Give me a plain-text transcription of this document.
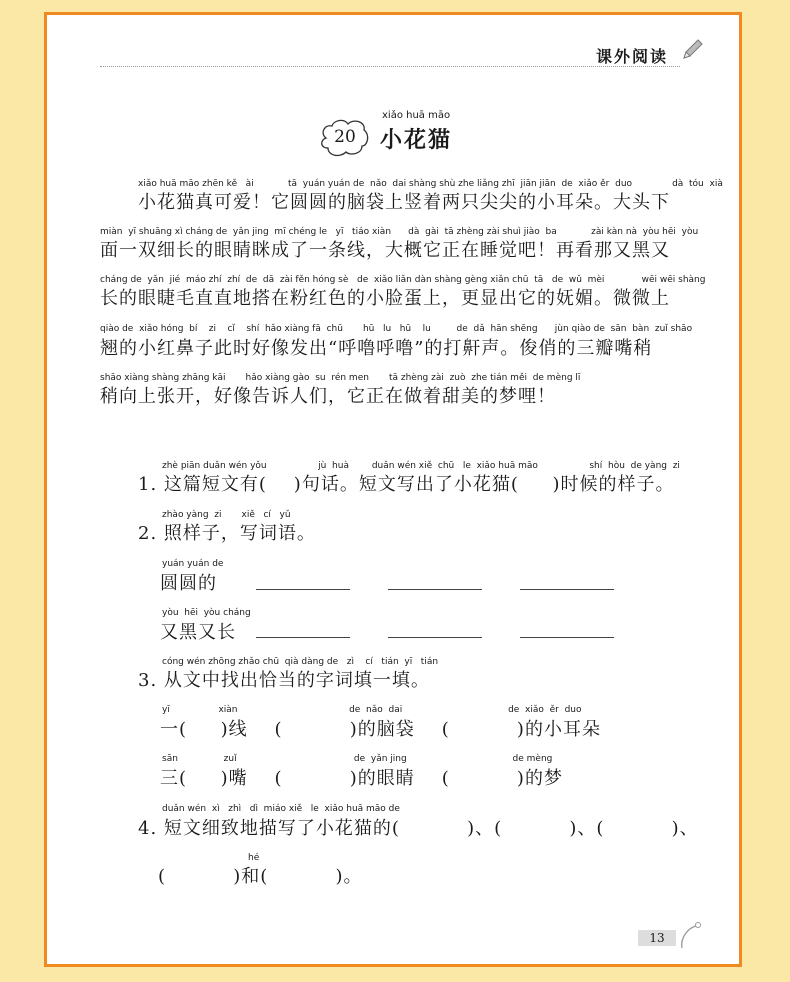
课外阅读
20
xiǎo huā māo
小花猫
xiǎo huā māo zhēn kě   ài            tā  yuán yuán de  nǎo  dai shàng shù zhe liǎng zhī  jiān jiān  de  xiǎo ěr  duo              dà  tóu  xià
小花猫真可爱！它圆圆的脑袋上竖着两只尖尖的小耳朵。大头下
miàn  yī shuāng xì cháng de  yǎn jing  mī chéng le   yī   tiáo xiàn      dà  gài  tā zhèng zài shuì jiào  ba            zài kàn nà  yòu hēi  yòu
面一双细长的眼睛眯成了一条线，大概它正在睡觉吧！再看那又黑又
cháng de  yǎn  jié  máo zhí  zhí  de  dā  zài fěn hóng sè   de  xiǎo liǎn dàn shàng gèng xiǎn chū  tā   de  wǔ  mèi             wēi wēi shàng
长的眼睫毛直直地搭在粉红色的小脸蛋上，更显出它的妩媚。微微上
qiào de  xiǎo hóng  bí    zi    cǐ    shí  hǎo xiàng fā  chū       hū   lu   hū    lu         de  dǎ  hān shēng      jùn qiào de  sān  bàn  zuǐ shāo
翘的小红鼻子此时好像发出“呼噜呼噜”的打鼾声。俊俏的三瓣嘴稍
shāo xiàng shàng zhāng kāi       hǎo xiàng gào  su  rén men       tā zhèng zài  zuò  zhe tián měi  de mèng lī
稍向上张开，好像告诉人们，它正在做着甜美的梦哩！
zhè piān duǎn wén yǒu                  jù  huà        duǎn wén xiě  chū   le  xiǎo huā māo                  shí  hòu  de yàng  zi
1. 这篇短文有(    )句话。短文写出了小花猫(     )时候的样子。
zhào yàng  zi       xiě   cí   yǔ
2. 照样子，写词语。
yuán yuán de
圆圆的
yòu  hēi  yòu cháng
又黑又长
cóng wén zhōng zhǎo chū  qià dàng de   zì    cí   tián  yī   tián
3. 从文中找出恰当的字词填一填。
yī                 xiàn                                       de  nǎo  dai                                     de  xiǎo  ěr  duo
一(     )线    (          )的脑袋    (          )的小耳朵
sān                zuǐ                                         de  yǎn jing                                     de mèng
三(     )嘴    (          )的眼睛    (          )的梦
duǎn wén  xì   zhì   dì  miáo xiě   le  xiǎo huā māo de
4. 短文细致地描写了小花猫的(          )、(          )、(          )、
hé
(          )和(          )。
13
